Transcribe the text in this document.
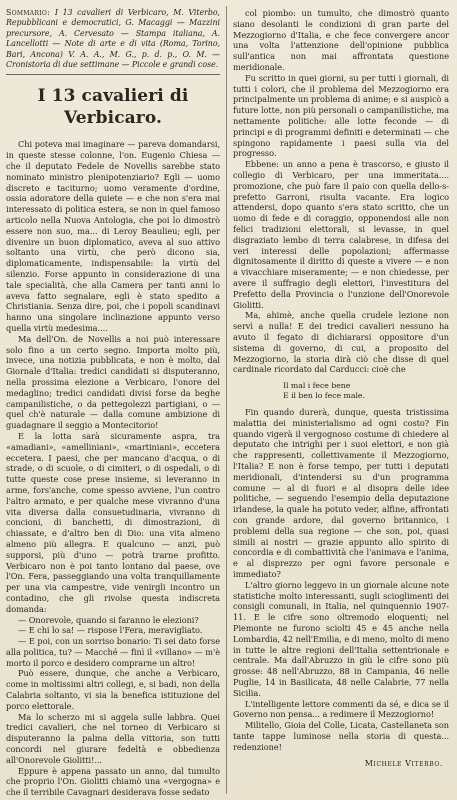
Sommario: I 13 cavalieri di Verbicaro, M. Viterbo, Repubblicani e democratici, G. Macaggi — Mazzini precursore, A. Cervesato — Stampa italiana, A. Lancellotti — Note di arte e di vita (Roma, Torino, Bari, Ancona) V. A. A., M. G., p. d. p., O. M. — Cronistoria di due settimane — Piccole e grandi cose.
I 13 cavalieri di Verbicaro.

Chi poteva mai imaginare — pareva domandarsi, in queste stesse colonne, l'on. Eugenio Chiesa — che il deputato Fedele de Novellis sarebbe stato nominato ministro plenipotenziario? Egli — uomo discreto e taciturno; uomo veramente d'ordine, ossia adoratore della quiete — e che non s'era mai interessato di politica estera, se non in quel famoso articolo nella Nuova Antologia, che poi lo dimostrò essere non suo, ma... di Leroy Beaulieu; egli, per divenire un buon diplomatico, aveva al suo attivo soltanto una virtù, che però dicono sia, diplomaticamente, indispensabile: la virtù del silenzio. Forse appunto in considerazione di una tale specialità, che alla Camera per tanti anni lo aveva fatto segnalare, egli è stato spedito a Christiania. Senza dire, poi, che i popoli scandinavi hanno una singolare inclinazione appunto verso quella virtù medesima....

Ma dell'On. de Novellis a noi può interessare solo fino a un certo segno. Importa molto più, invece, una notizia pubblicata, e non è molto, dal Giornale d'Italia: tredici candidati si disputeranno, nella prossima elezione a Verbicaro, l'onore del medaglino; tredici candidati divisi forse da beghe campanilistiche, o da pettegolezzi partigiani, o — quel ch'è naturale — dalla comune ambizione di guadagnare il seggio a Montecitorio!

E la lotta sarà sicuramente aspra, tra «amadiani», «amelliniani», «martiniani», eccetera eccetera. I paesi, che per mancano d'acqua, o di strade, o di scuole, o di cimiteri, o di ospedali, o di tutte queste cose prese insieme, si leveranno in arme, fors'anche, come spesso avviene, l'un contro l'altro armato, e per qualche mese vivranno d'una vita diversa dalla consuetudinaria, vivranno di concioni, di banchetti, di dimostrazioni, di chiassate, e d'altro ben di Dio: una vita almeno almeno più allegra. E qualcuno — anzi, può supporsi, più d'uno — potrà trarne profitto. Verbicaro non è poi tanto lontano dal paese, ove l'On. Fera, passeggiando una volta tranquillamente per una via campestre, vide venirgli incontro un contadino, che gli rivolse questa indiscreta domanda:

— Onorevole, quando si faranno le elezioni?

— E chi lo sa! — rispose l'Fera, meravigliato.

— E poi, con un sorriso bonario: Ti sei dato forse alla politica, tu? — Macché — finì il «villano» — m'è morto il porco e desidero comprarne un altro!

Può essere, dunque, che anche a Verbicaro, come in moltissimi altri collegi, e, si badi, non della Calabria soltanto, vi sia la benefica istituzione del porco elettorale.

Ma lo scherzo mi si aggela sulle labbra. Quei tredici cavalieri, che nel torneo di Verbicaro si disputeranno la palma della vittoria, son tutti concordi nel giurare fedeltà e obbedienza all'Onorevole Giolitti!...

Eppure è appena passato un anno, dal tumulto che proprio l'On. Giolitti chiamò una «vergogna» e che il terribile Cavagnari desiderava fosse sedato

col piombo: un tumulto, che dimostrò quanto siano desolanti le condizioni di gran parte del Mezzogiorno d'Italia, e che fece convergere ancor una volta l'attenzione dell'opinione pubblica sull'antica non mai affrontata questione meridionale.

Fu scritto in quei giorni, su per tutti i giornali, di tutti i colori, che il problema del Mezzogiorno era principalmente un problema di anime; e si auspicò a future lotte, non più personali o campanilistiche, ma nettamente politiche: alle lotte feconde — di principi e di programmi definiti e determinati — che spingono rapidamente i paesi sulla via del progresso.

Ebbene: un anno a pena è trascorso, e giusto il collegio di Verbicaro, per una immeritata.... promozione, che può fare il paio con quella dello-s-prefetto Garroni, risulta vacante. Era logico attendersi, dopo quanto s'era stato scritto, che un uomo di fede e di coraggio, opponendosi alle non felici tradizioni elettorali, si levasse, in quel disgraziato lembo di terra calabrese, in difesa dei veri interessi delle popolazioni; affermasse dignitosamente il diritto di queste a vivere — e non a vivacchiare miseramente; — e non chiedesse, per avere il suffragio degli elettori, l'investitura del Prefetto della Provincia o l'unzione dell'Onorevole Giolitti.

Ma, ahimè, anche quella crudele lezione non servì a nulla! E dei tredici cavalieri nessuno ha avuto il fegato di dichiararsi oppositore d'un sistema di governo, di cui, a proposito del Mezzogiorno, la storia dirà ciò che disse di quel cardinale ricordato dal Carducci: cioè che

Il mal i fece bene
E il ben lo fece male.

Fin quando durerà, dunque, questa tristissima malattia dei ministerialismo ad ogni costo? Fin quando vigerà il vergognoso costume di chiedere al deputato che intrighi per i suoi elettori, e non già che rappresenti, collettivamente il Mezzogiorno, l'Italia? E non è forse tempo, per tutti i deputati meridionali, d'intendersi su d'un programma comune — al di fuori e al disopra delle idee politiche, — seguendo l'esempio della deputazione irlandese, la quale ha potuto veder, alfine, affrontati con grande ardore, dal governo britannico, i problemi della sua regione — che son, poi, quasi simili ai nostri — grazie appunto allo spirito di concordia e di combattività che l'animava e l'anima, e al disprezzo per ogni favore personale e immediato?

L'altro giorno leggevo in un giornale alcune note statistiche molto interessanti, sugli scioglimenti dei consigli comunali, in Italia, nel quinquennio 1907-11. E le cifre sono oltremodo eloquenti; nel Piemonte ne furono sciolti 45 e 45 anche nella Lombardia, 42 nell'Emilia, e di meno, molto di meno in tutte le altre regioni dell'Italia settentrionale e centrale. Ma dall'Abruzzo in giù le cifre sono più grosse: 48 nell'Abruzzo, 88 in Campania, 46 nelle Puglie, 14 in Basilicata, 48 nelle Calabrie, 77 nella Sicilia.

L'intelligente lettore commenti da sé, e dica se il Governo non pensa... a redimere il Mezzogiorno!

Militello, Gioia del Colle, Licata, Castellaneta son tante tappe luminose nella storia di questa... redenzione!

Michele Viterbo.
